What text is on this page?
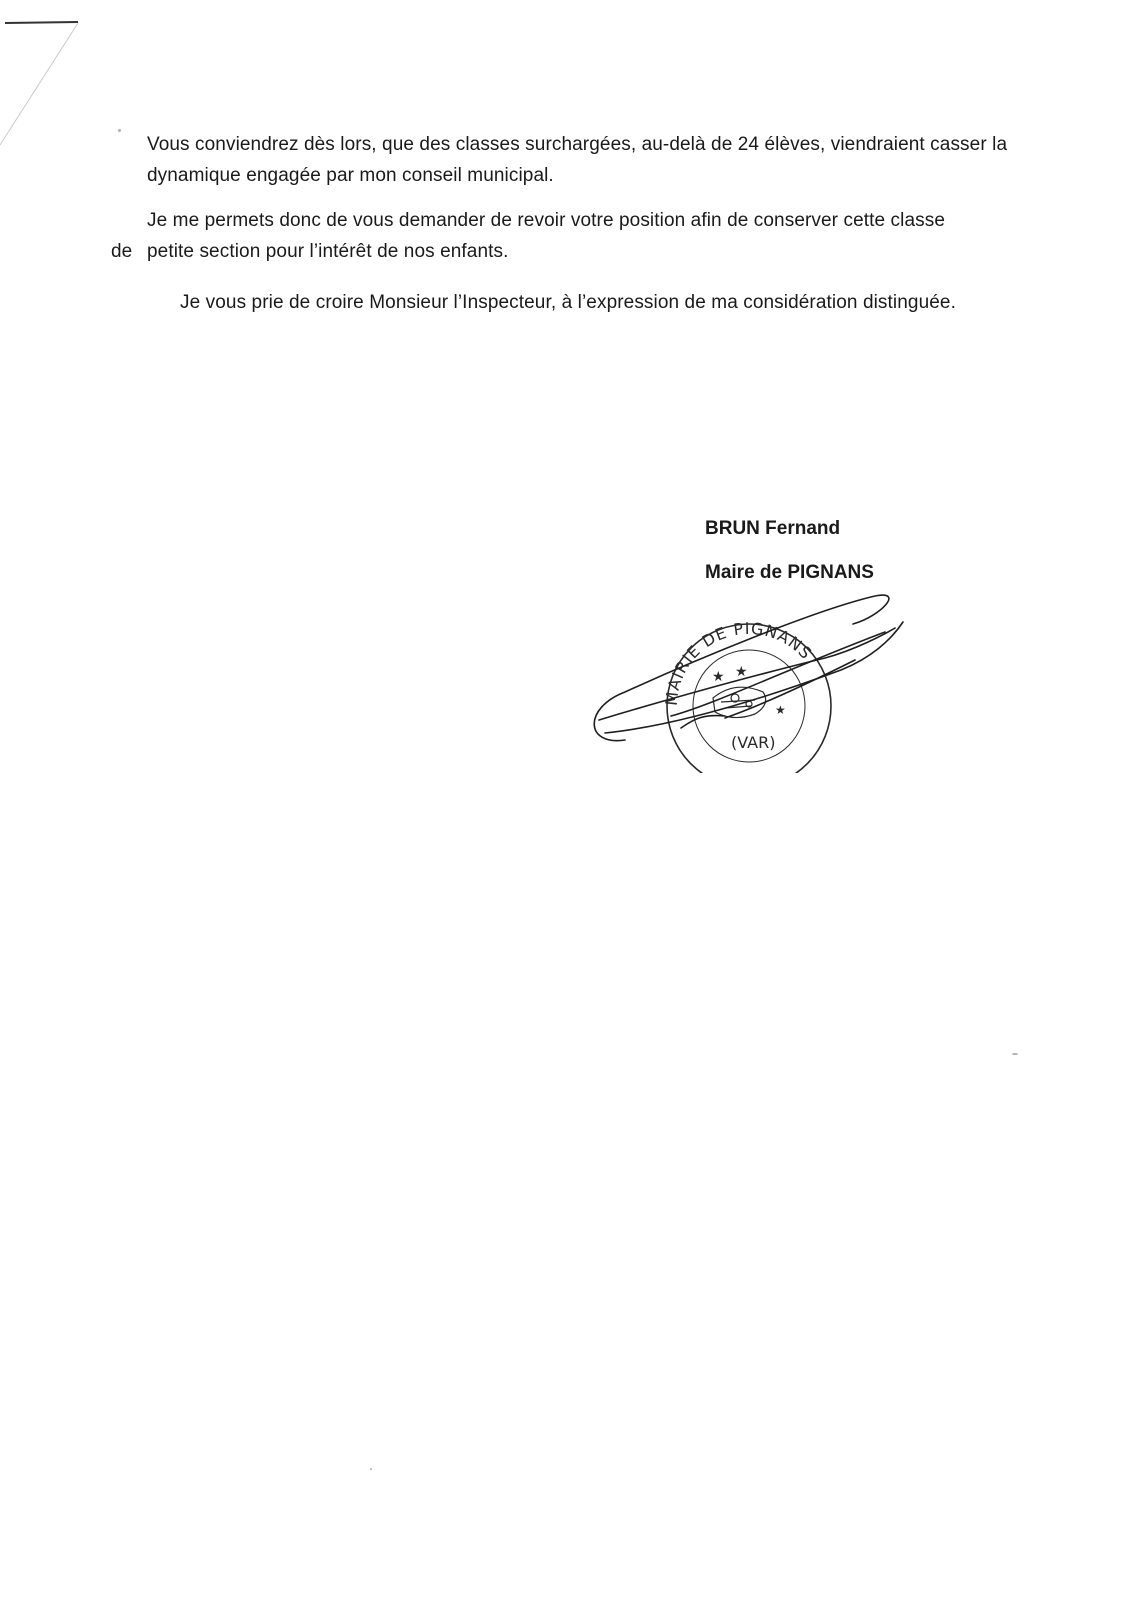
Vous conviendrez dès lors, que des classes surchargées, au-delà de 24 élèves, viendraient casser la dynamique engagée par mon conseil municipal.

Je me permets donc de vous demander de revoir votre position afin de conserver cette classe

de petite section pour l’intérêt de nos enfants.

Je vous prie de croire Monsieur l’Inspecteur, à l’expression de ma considération distinguée.

BRUN Fernand
Maire de PIGNANS
MAIRIE DE PIGNANS
(VAR)
★ ★
★
